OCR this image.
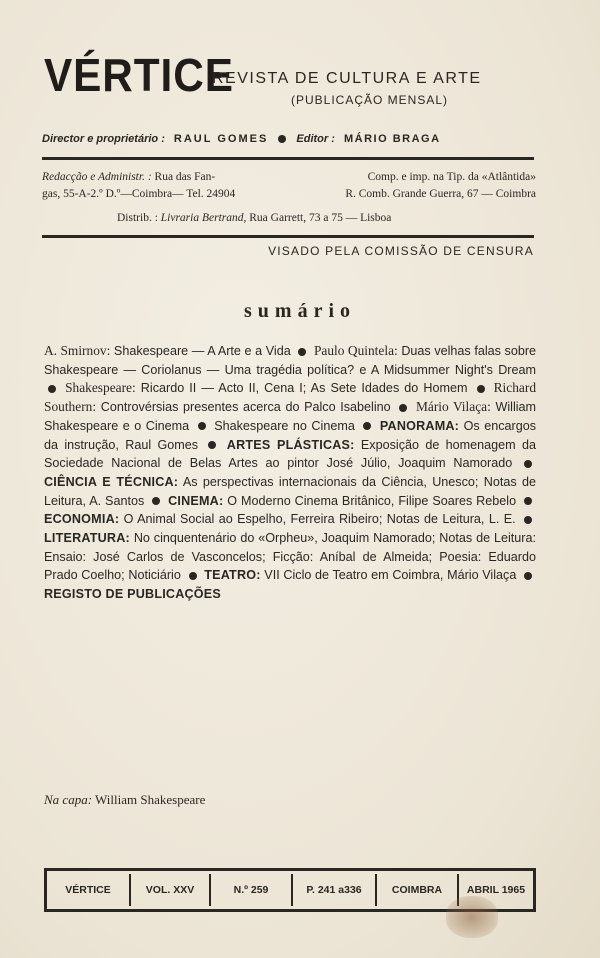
VÉRTICE
REVISTA DE CULTURA E ARTE
(PUBLICAÇÃO MENSAL)
Director e proprietário : RAUL GOMES	Editor : MÁRIO BRAGA
Redacção e Administr. : Rua das Fan-
gas, 55-A-2.º D.º—Coimbra— Tel. 24904
Comp. e imp. na Tip. da «Atlântida»
R. Comb. Grande Guerra, 67 — Coimbra
Distrib. : Livraria Bertrand, Rua Garrett, 73 a 75 — Lisboa
VISADO PELA COMISSÃO DE CENSURA
sumário
A. Smirnov: Shakespeare — A Arte e a Vida Paulo Quintela: Duas velhas falas sobre Shakespeare — Coriolanus — Uma tragédia política? e A Midsummer Night's Dream  Shakespeare: Ricardo II — Acto II, Cena I; As Sete Idades do Homem Richard Southern: Controvérsias presentes acerca do Palco Isabelino Mário Vilaça: William Shakespeare e o Cinema Shakespeare no Cinema PANORAMA: Os encargos da instrução, Raul Gomes ARTES PLÁSTICAS: Exposição de homenagem da Sociedade Nacional de Belas Artes ao pintor José Júlio, Joaquim Namorado  CIÊNCIA E TÉCNICA: As perspectivas internacionais da Ciência, Unesco; Notas de Leitura, A. Santos CINEMA: O Moderno Cinema Britânico, Filipe Soares Rebelo  ECONOMIA: O Animal Social ao Espelho, Ferreira Ribeiro; Notas de Leitura, L. E.  LITERATURA: No cinquentenário do «Orpheu», Joaquim Namorado; Notas de Leitura: Ensaio: José Carlos de Vasconcelos; Ficção: Aníbal de Almeida; Poesia: Eduardo Prado Coelho; Noticiário TEATRO: VII Ciclo de Teatro em Coimbra, Mário Vilaça  REGISTO DE PUBLICAÇÕES
Na capa: William Shakespeare
VÉRTICE	VOL. XXV	N.º 259	P. 241 a336	COIMBRA	ABRIL 1965
